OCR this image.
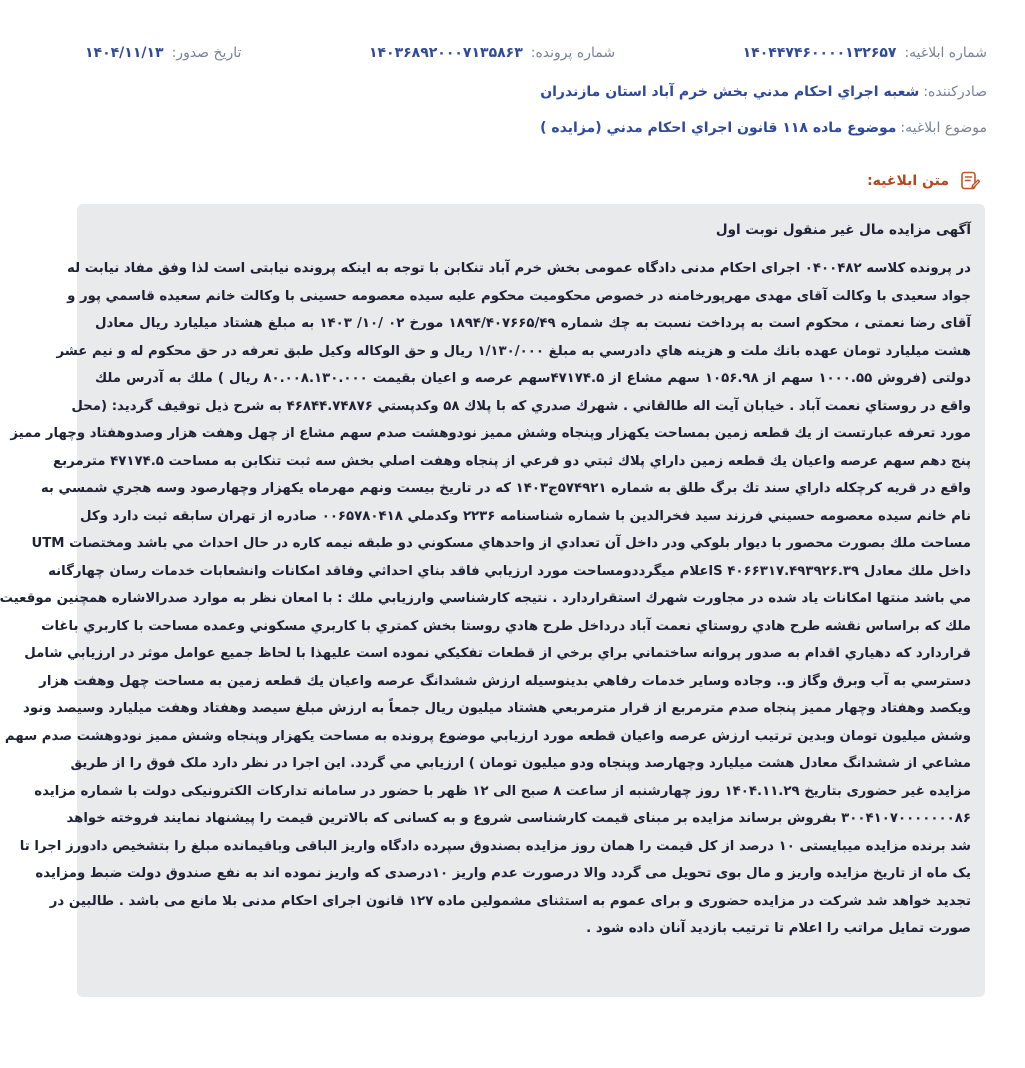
شماره ابلاغیه:
۱۴۰۴۴۷۴۶۰۰۰۰۱۳۲۶۵۷
شماره پرونده:
۱۴۰۳۶۸۹۲۰۰۰۷۱۳۵۸۶۳
تاریخ صدور:
۱۴۰۴/۱۱/۱۳
صادرکننده:
شعبه اجراي احكام مدني بخش خرم آباد استان مازندران
موضوع ابلاغیه:
موضوع ماده ۱۱۸ قانون اجراي احكام مدني (مزايده )
متن ابلاغیه:
آگهی مزایده مال غیر منقول نوبت اول
در پرونده کلاسه ۰۴۰۰۴۸۲ اجرای احکام مدنی دادگاه عمومی بخش خرم آباد تنکابن با توجه به اینکه پرونده نیابتی است لذا وفق مفاد نیابت له
جواد سعیدی با وکالت آقای مهدی مهرپورخامنه در خصوص محکومیت محکوم علیه سیده معصومه حسینی با وکالت خانم سعیده قاسمي پور و
آقای رضا نعمتی ، محکوم است به پرداخت نسبت به چك شماره ۱۸۹۴/۴۰۷۶۶۵/۴۹ مورخ ۰۲ /۱۰/ ۱۴۰۳ به مبلغ هشتاد میلیارد ریال معادل
هشت میلیارد تومان عهده بانك ملت و هزينه هاي دادرسي به مبلغ ۱/۱۳۰/۰۰۰ ریال و حق الوكاله وكيل طبق تعرفه در حق محكوم له و نيم عشر
دولتی (فروش ۱۰۰۰.۵۵ سهم از ۱۰۵۶.۹۸ سهم مشاع از ۴۷۱۷۴.۵سهم عرصه و اعیان بقیمت ۸۰.۰۰۸.۱۳۰.۰۰۰ ریال ) ملك به آدرس ملك
واقع در روستاي نعمت آباد . خيابان آيت اله طالقاني . شهرك صدري كه با پلاك ۵۸ وكدپستي ۴۶۸۴۴.۷۴۸۷۶ به شرح ذيل توقيف گرديد: (محل
مورد تعرفه عبارتست از يك قطعه زمين بمساحت يكهزار وپنجاه وشش مميز نودوهشت صدم سهم مشاع از چهل وهفت هزار وصدوهفتاد وچهار مميز
پنج دهم سهم عرصه واعيان يك قطعه زمين داراي پلاك ثبتي دو فرعي از پنجاه وهفت اصلي بخش سه ثبت تنكابن به مساحت ۴۷۱۷۴.۵ مترمربع
واقع در قريه كرچكله داراي سند تك برگ طلق به شماره ۵۷۴۹۲۱ج۱۴۰۳ كه در تاريخ بيست ونهم مهرماه يكهزار وچهارصود وسه هجري شمسي به
نام خانم سيده معصومه حسيني فرزند سيد فخرالدين با شماره شناسنامه ۲۲۳۶ وكدملي ۰۰۶۵۷۸۰۴۱۸ صادره از تهران سابقه ثبت دارد وكل
مساحت ملك بصورت محصور با ديوار بلوكي ودر داخل آن تعدادي از واحدهاي مسكوني دو طبقه نيمه كاره در حال احداث مي باشد ومختصات UTM
داخل ملك معادل ۴۰۶۶۳۱۷.۴۹۳۹۲۶.۳۹ Sاعلام ميگرددومساحت مورد ارزيابي فاقد بناي احداثي وفاقد امكانات وانشعابات خدمات رسان چهارگانه
مي باشد منتها امكانات ياد شده در مجاورت شهرك استقراردارد . نتيجه كارشناسي وارزيابي ملك : با امعان نظر به موارد صدرالاشاره همچنين موقعيت
ملك كه براساس نقشه طرح هادي روستاي نعمت آباد درداخل طرح هادي روستا بخش كمتري با كاربري مسكوني وعمده مساحت با كاربري باغات
قراردارد كه دهياري اقدام به صدور پروانه ساختماني براي برخي از قطعات تفكيكي نموده است عليهذا با لحاظ جميع عوامل موثر در ارزيابي شامل
دسترسي به آب وبرق وگاز و.. وجاده وساير خدمات رفاهي بدينوسيله ارزش ششدانگ عرصه واعيان يك قطعه زمين به مساحت چهل وهفت هزار
ويكصد وهفتاد وچهار مميز پنجاه صدم مترمربع از قرار مترمربعي هشتاد ميليون ريال جمعاً به ارزش مبلغ سيصد وهفتاد وهفت ميليارد وسيصد ونود
وشش ميليون تومان وبدين ترتيب ارزش عرصه واعيان قطعه مورد ارزيابي موضوع پرونده به مساحت يكهزار وپنجاه وشش مميز نودوهشت صدم سهم
مشاعي از ششدانگ معادل هشت ميليارد وچهارصد وپنجاه ودو ميليون تومان ) ارزيابي مي گردد. این اجرا در نظر دارد ملک فوق را از طریق
مزایده غیر حضوری بتاریخ ۱۴۰۴.۱۱.۲۹ روز چهارشنبه از ساعت ۸ صبح الی ۱۲ ظهر با حضور در سامانه تداركات الكترونيكی دولت با شماره مزایده
۳۰۰۴۱۰۷۰۰۰۰۰۰۰۸۶ بفروش برساند مزایده بر مبنای قیمت کارشناسی شروع و به کسانی که بالاترین قیمت را پیشنهاد نمایند فروخته خواهد
شد برنده مزایده میبایستی ۱۰ درصد از کل قیمت را همان روز مزایده بصندوق سپرده دادگاه واریز الباقی وباقیمانده مبلغ را بتشخیص دادورز اجرا تا
یک ماه از تاریخ مزایده واریز و مال بوی تحویل می گردد والا درصورت عدم واریز ۱۰درصدی که واریز نموده اند به نفع صندوق دولت ضبط ومزایده
تجدید خواهد شد شرکت در مزایده حضوری و برای عموم به استثنای مشمولین ماده ۱۲۷ قانون اجرای احکام مدنی بلا مانع می باشد . طالبین در
صورت تمایل مراتب را اعلام تا ترتیب بازدید آنان داده شود .
